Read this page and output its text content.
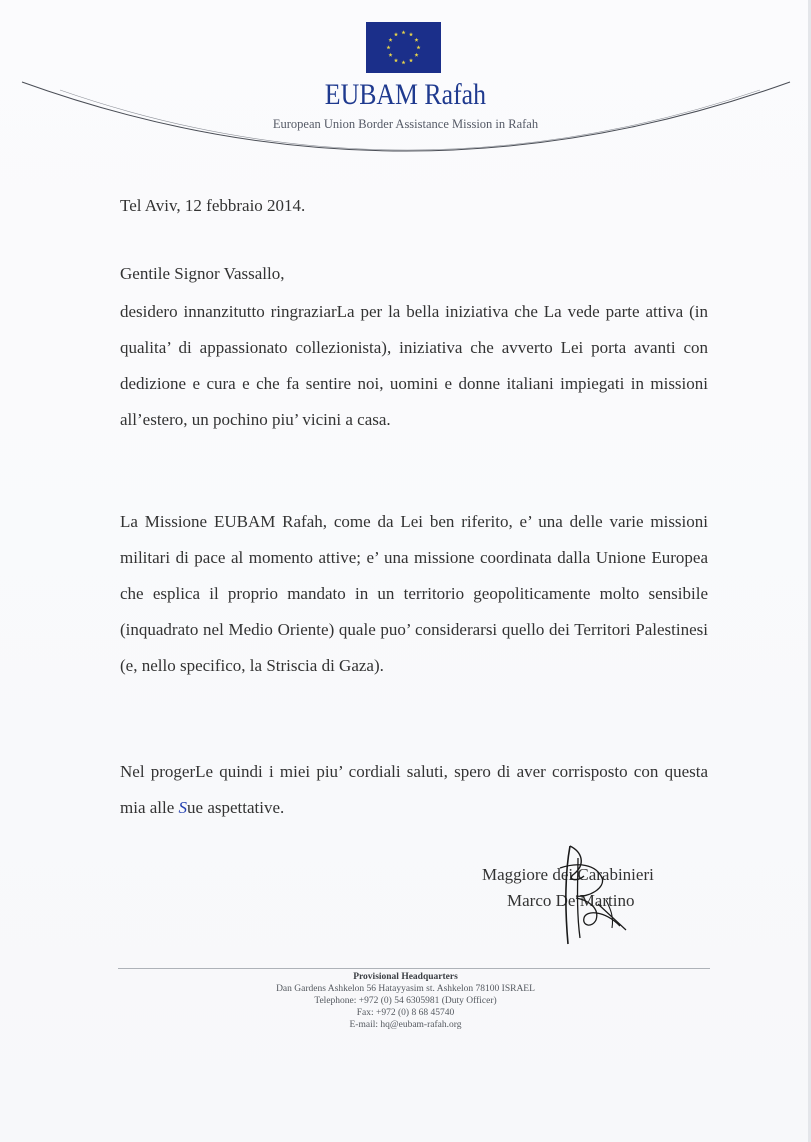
EUBAM Rafah
European Union Border Assistance Mission in Rafah
Tel Aviv, 12 febbraio 2014.
Gentile Signor Vassallo,
desidero innanzitutto ringraziarLa per la bella iniziativa che La vede parte attiva (in qualita’ di appassionato collezionista), iniziativa che avverto Lei porta avanti con dedizione e cura e che fa sentire noi, uomini e donne italiani impiegati in missioni all’estero, un pochino piu’ vicini a casa.
La Missione EUBAM Rafah, come da Lei ben riferito, e’ una delle varie missioni militari di pace al momento attive; e’ una missione coordinata dalla Unione Europea che esplica il proprio mandato in un territorio geopoliticamente molto sensibile (inquadrato nel Medio Oriente) quale puo’ considerarsi quello dei Territori Palestinesi (e, nello specifico, la Striscia di Gaza).
Nel progerLe quindi i miei piu’ cordiali saluti, spero di aver corrisposto con questa mia alle Sue aspettative.
Maggiore dei Carabinieri
Marco De Martino
Provisional Headquarters
Dan Gardens Ashkelon 56 Hatayyasim st. Ashkelon 78100 ISRAEL
Telephone: +972 (0) 54 6305981 (Duty Officer)
Fax: +972 (0) 8 68 45740
E-mail: hq@eubam-rafah.org
